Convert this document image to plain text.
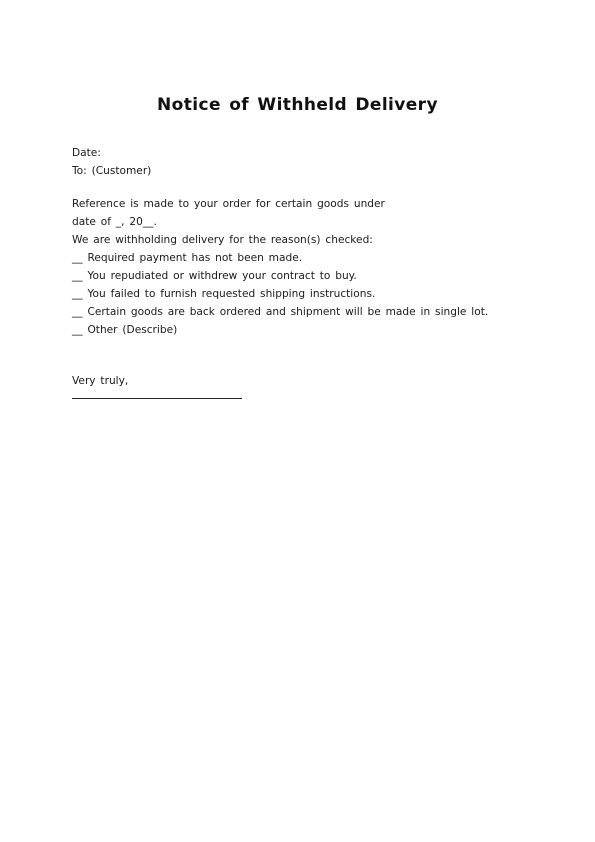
Notice of Withheld Delivery
Date:
To: (Customer)
Reference is made to your order for certain goods under
date of _, 20__.
We are withholding delivery for the reason(s) checked:
__ Required payment has not been made.
__ You repudiated or withdrew your contract to buy.
__ You failed to furnish requested shipping instructions.
__ Certain goods are back ordered and shipment will be made in single lot.
__ Other (Describe)
Very truly,
